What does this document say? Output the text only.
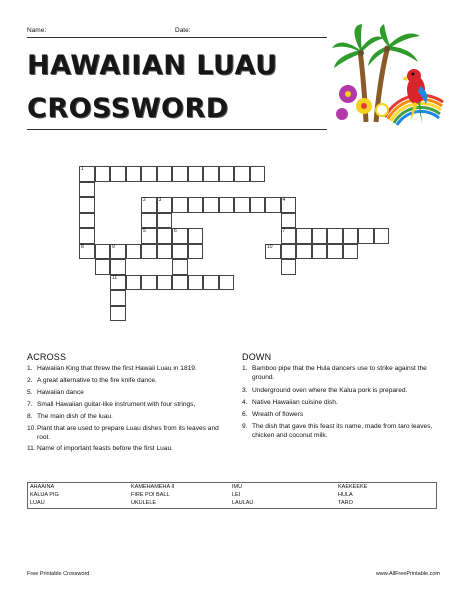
Name:	Date:
HAWAIIAN LUAU
CROSSWORD
1
8	9
2	3	4
5	6	7
10
11
ACROSS	DOWN
1. Hawaiian King that threw the first Hawaii Luau in 1819.
2. A great alternative to the fire knife dance.
5. Hawaiian dance
7. Small Hawaiian guitar-like instrument with four strings,
8. The main dish of the luau.
10. Plant that are used to prepare Luau dishes from its leaves and root.
11. Name of important feasts before the first Luau.
1. Bamboo pipe that the Hula dancers use to strike against the ground.
3. Underground oven where the Kalua pork is prepared.
4. Native Hawaiian cuisine dish.
6. Wreath of flowers
9. The dish that gave this feast its name, made from taro leaves, chicken and coconut milk.
AHAAINA	KAMEHAMEHA II	IMU	KAEKEEKE
KĀLUA PIG	FIRE POI BALL	LEI	HULA
LUAU	UKULELE	LAULAU	TARO
Free Printable Crossword	www.AllFreePrintable.com
